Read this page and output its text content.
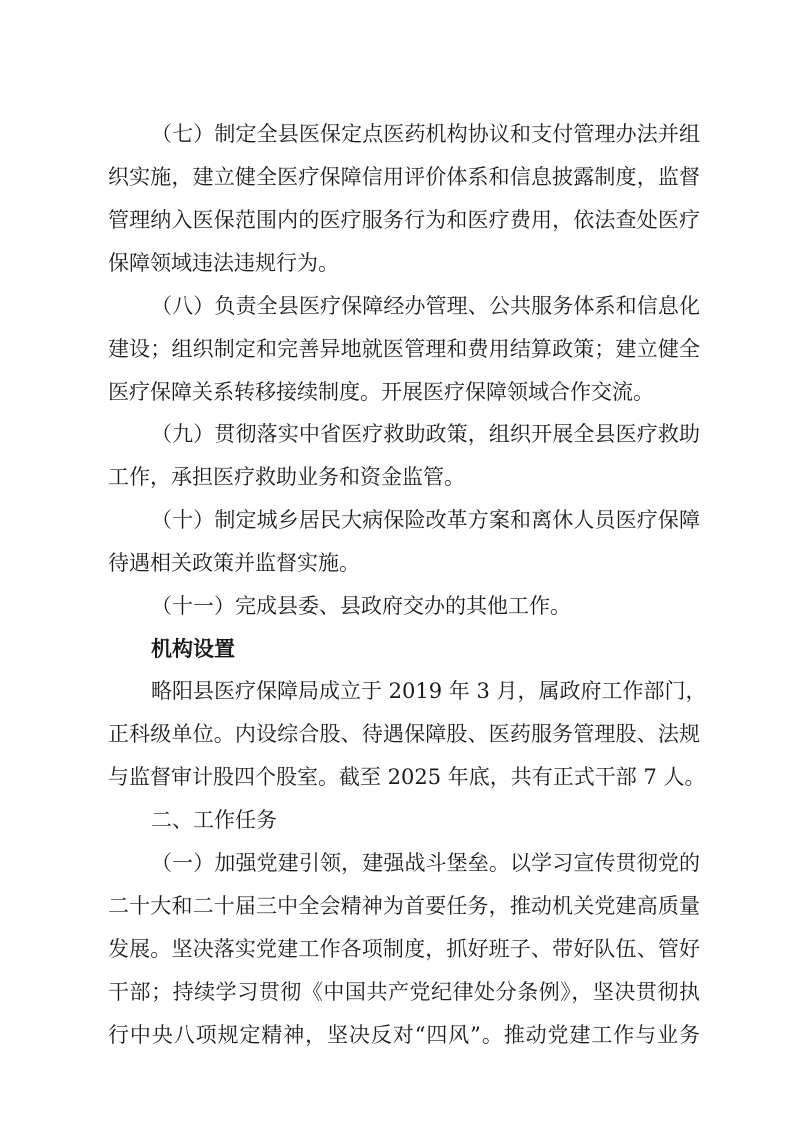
（七）制定全县医保定点医药机构协议和支付管理办法并组
织实施，建立健全医疗保障信用评价体系和信息披露制度，监督
管理纳入医保范围内的医疗服务行为和医疗费用，依法查处医疗
保障领域违法违规行为。
（八）负责全县医疗保障经办管理、公共服务体系和信息化
建设；组织制定和完善异地就医管理和费用结算政策；建立健全
医疗保障关系转移接续制度。开展医疗保障领域合作交流。
（九）贯彻落实中省医疗救助政策，组织开展全县医疗救助
工作，承担医疗救助业务和资金监管。
（十）制定城乡居民大病保险改革方案和离休人员医疗保障
待遇相关政策并监督实施。
（十一）完成县委、县政府交办的其他工作。
机构设置
略阳县医疗保障局成立于 2019 年 3 月，属政府工作部门，
正科级单位。内设综合股、待遇保障股、医药服务管理股、法规
与监督审计股四个股室。截至 2025 年底，共有正式干部 7 人。
二、工作任务
（一）加强党建引领，建强战斗堡垒。以学习宣传贯彻党的
二十大和二十届三中全会精神为首要任务，推动机关党建高质量
发展。坚决落实党建工作各项制度，抓好班子、带好队伍、管好
干部；持续学习贯彻《中国共产党纪律处分条例》，坚决贯彻执
行中央八项规定精神，坚决反对“四风”。推动党建工作与业务
